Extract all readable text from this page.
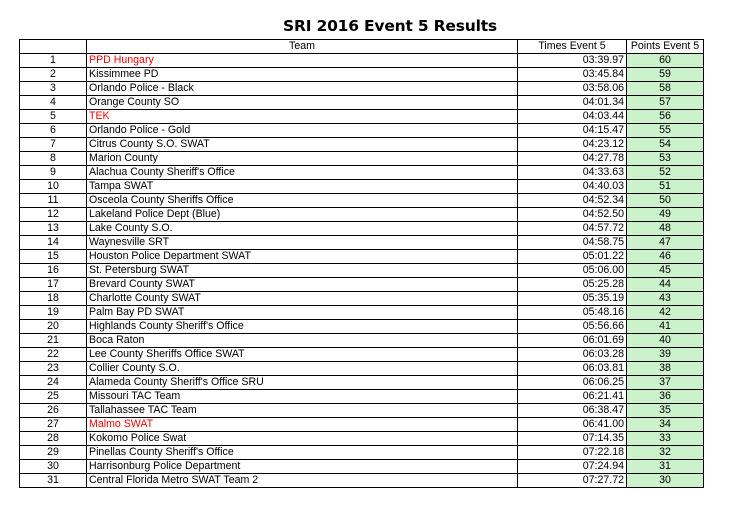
SRI 2016 Event 5 Results
	Team	Times Event 5	Points Event 5
1	PPD Hungary	03:39.97	60
2	Kissimmee PD	03:45.84	59
3	Orlando Police - Black	03:58.06	58
4	Orange County SO	04:01.34	57
5	TEK	04:03.44	56
6	Orlando Police - Gold	04:15.47	55
7	Citrus County S.O. SWAT	04:23.12	54
8	Marion County	04:27.78	53
9	Alachua County Sheriff's Office	04:33.63	52
10	Tampa SWAT	04:40.03	51
11	Osceola County Sheriffs Office	04:52.34	50
12	Lakeland Police Dept (Blue)	04:52.50	49
13	Lake County S.O.	04:57.72	48
14	Waynesville SRT	04:58.75	47
15	Houston Police Department SWAT	05:01.22	46
16	St. Petersburg SWAT	05:06.00	45
17	Brevard County SWAT	05:25.28	44
18	Charlotte County SWAT	05:35.19	43
19	Palm Bay PD SWAT	05:48.16	42
20	Highlands County Sheriff's Office	05:56.66	41
21	Boca Raton	06:01.69	40
22	Lee County Sheriffs Office SWAT	06:03.28	39
23	Collier County S.O.	06:03.81	38
24	Alameda County Sheriff's Office SRU	06:06.25	37
25	Missouri TAC Team	06:21.41	36
26	Tallahassee TAC Team	06:38.47	35
27	Malmo SWAT	06:41.00	34
28	Kokomo Police Swat	07:14.35	33
29	Pinellas County Sheriff's Office	07:22.18	32
30	Harrisonburg Police Department	07:24.94	31
31	Central Florida Metro SWAT Team 2	07:27.72	30
